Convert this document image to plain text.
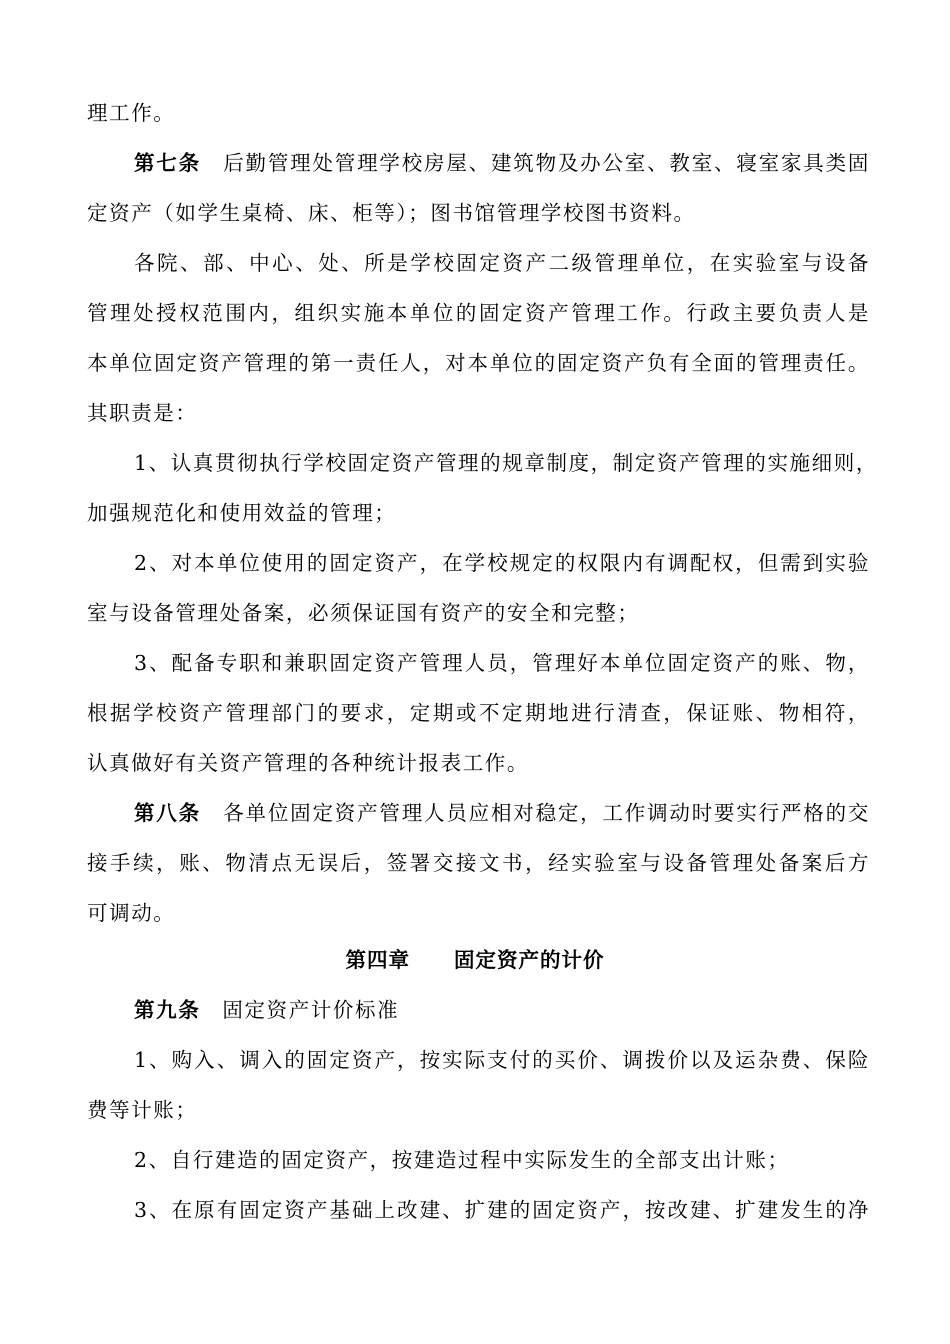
理工作。
第七条　 后勤管理处管理学校房屋、建筑物及办公室、教室、寝室家具类固
定资产（如学生桌椅、床、柜等）；图书馆管理学校图书资料。
各院、部、中心、处、所是学校固定资产二级管理单位，在实验室与设备
管理处授权范围内，组织实施本单位的固定资产管理工作。行政主要负责人是
本单位固定资产管理的第一责任人，对本单位的固定资产负有全面的管理责任。
其职责是：
1、认真贯彻执行学校固定资产管理的规章制度，制定资产管理的实施细则，
加强规范化和使用效益的管理；
2、对本单位使用的固定资产，在学校规定的权限内有调配权，但需到实验
室与设备管理处备案，必须保证国有资产的安全和完整；
3、配备专职和兼职固定资产管理人员，管理好本单位固定资产的账、物，
根据学校资产管理部门的要求，定期或不定期地进行清查，保证账、物相符，
认真做好有关资产管理的各种统计报表工作。
第八条　 各单位固定资产管理人员应相对稳定，工作调动时要实行严格的交
接手续，账、物清点无误后，签署交接文书，经实验室与设备管理处备案后方
可调动。
第四章 固定资产的计价
第九条　 固定资产计价标准
1、购入、调入的固定资产，按实际支付的买价、调拨价以及运杂费、保险
费等计账；
2、自行建造的固定资产，按建造过程中实际发生的全部支出计账；
3、在原有固定资产基础上改建、扩建的固定资产，按改建、扩建发生的净
